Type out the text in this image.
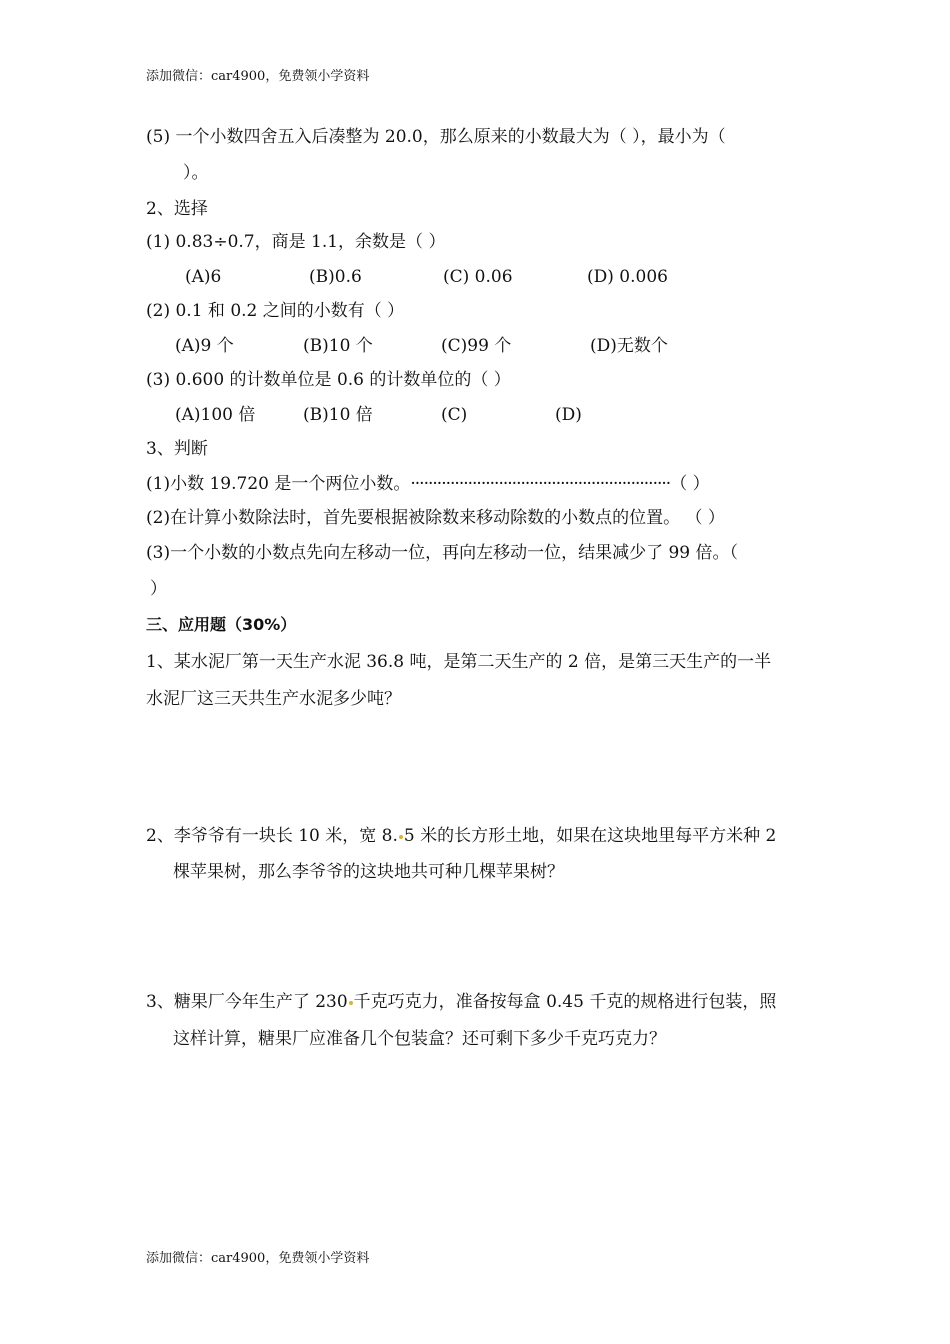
添加微信：car4900，免费领小学资料
(5) 一个小数四舍五入后凑整为 20.0，那么原来的小数最大为（ ），最小为（
）。
2、选择
(1) 0.83÷0.7，商是 1.1，余数是（ ）
(A)6	(B)0.6	(C) 0.06	(D) 0.006
(2) 0.1 和 0.2 之间的小数有（ ）
(A)9 个	(B)10 个	(C)99 个	(D)无数个
(3) 0.600 的计数单位是 0.6 的计数单位的（ ）
(A)100 倍	(B)10 倍	(C)	(D)
3、判断
(1)小数 19.720 是一个两位小数。···························································（ ）
(2)在计算小数除法时，首先要根据被除数来移动除数的小数点的位置。 （ ）
(3)一个小数的小数点先向左移动一位，再向左移动一位，结果减少了 99 倍。（
）
三、应用题（30%）
1、某水泥厂第一天生产水泥 36.8 吨，是第二天生产的 2 倍，是第三天生产的一半
水泥厂这三天共生产水泥多少吨？
2、李爷爷有一块长 10 米，宽 8. 5 米的长方形土地，如果在这块地里每平方米种 2
棵苹果树，那么李爷爷的这块地共可种几棵苹果树？
3、糖果厂今年生产了 230 千克巧克力，准备按每盒 0.45 千克的规格进行包装，照
这样计算，糖果厂应准备几个包装盒？还可剩下多少千克巧克力？
添加微信：car4900，免费领小学资料
